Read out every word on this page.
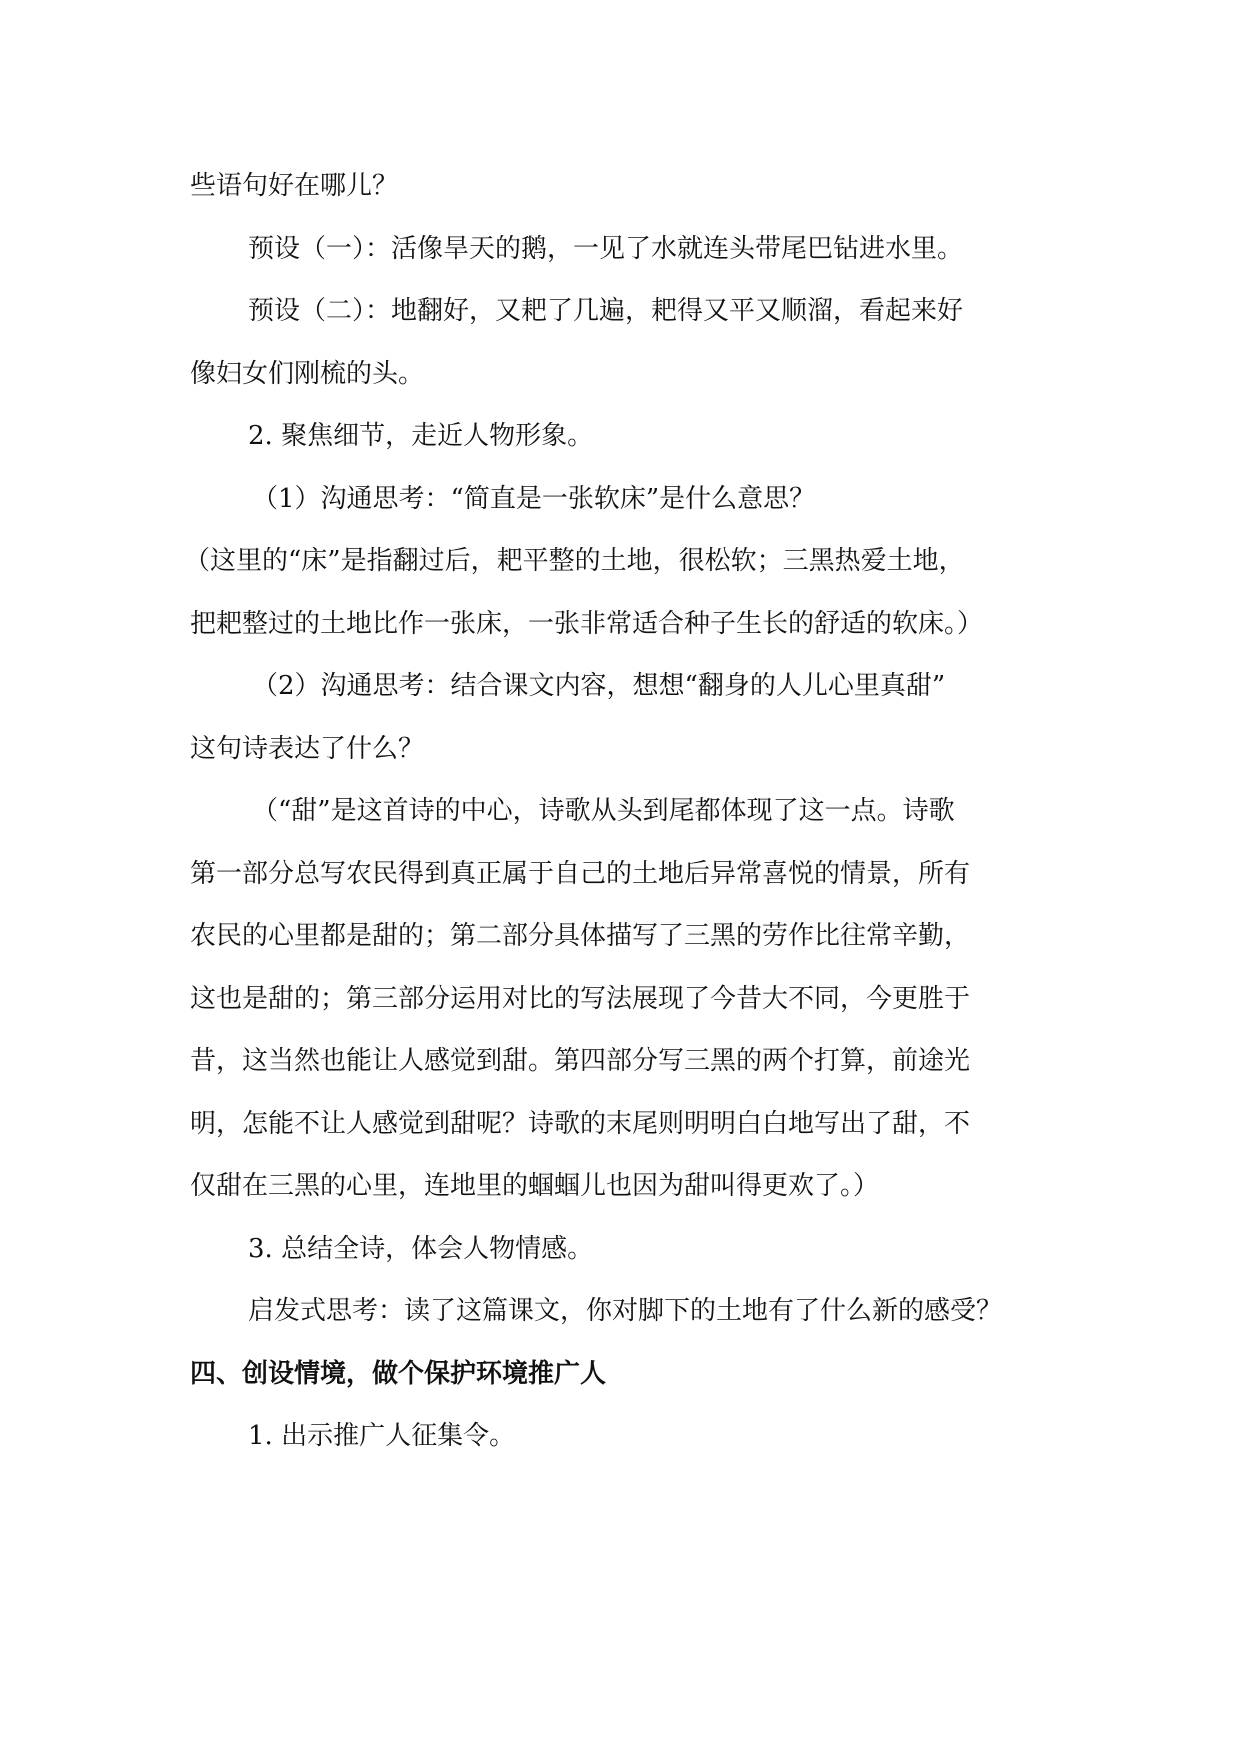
些语句好在哪儿？
预设（一）：活像旱天的鹅，一见了水就连头带尾巴钻进水里。
预设（二）：地翻好，又耙了几遍，耙得又平又顺溜，看起来好
像妇女们刚梳的头。
2. 聚焦细节，走近人物形象。
（1）沟通思考：“简直是一张软床”是什么意思？
（这里的“床”是指翻过后，耙平整的土地，很松软；三黑热爱土地，
把耙整过的土地比作一张床，一张非常适合种子生长的舒适的软床。）
（2）沟通思考：结合课文内容，想想“翻身的人儿心里真甜”
这句诗表达了什么？
（“甜”是这首诗的中心，诗歌从头到尾都体现了这一点。诗歌
第一部分总写农民得到真正属于自己的土地后异常喜悦的情景，所有
农民的心里都是甜的；第二部分具体描写了三黑的劳作比往常辛勤，
这也是甜的；第三部分运用对比的写法展现了今昔大不同，今更胜于
昔，这当然也能让人感觉到甜。第四部分写三黑的两个打算，前途光
明，怎能不让人感觉到甜呢？诗歌的末尾则明明白白地写出了甜，不
仅甜在三黑的心里，连地里的蝈蝈儿也因为甜叫得更欢了。）
3. 总结全诗，体会人物情感。
启发式思考：读了这篇课文，你对脚下的土地有了什么新的感受？
四、创设情境，做个保护环境推广人
1. 出示推广人征集令。
